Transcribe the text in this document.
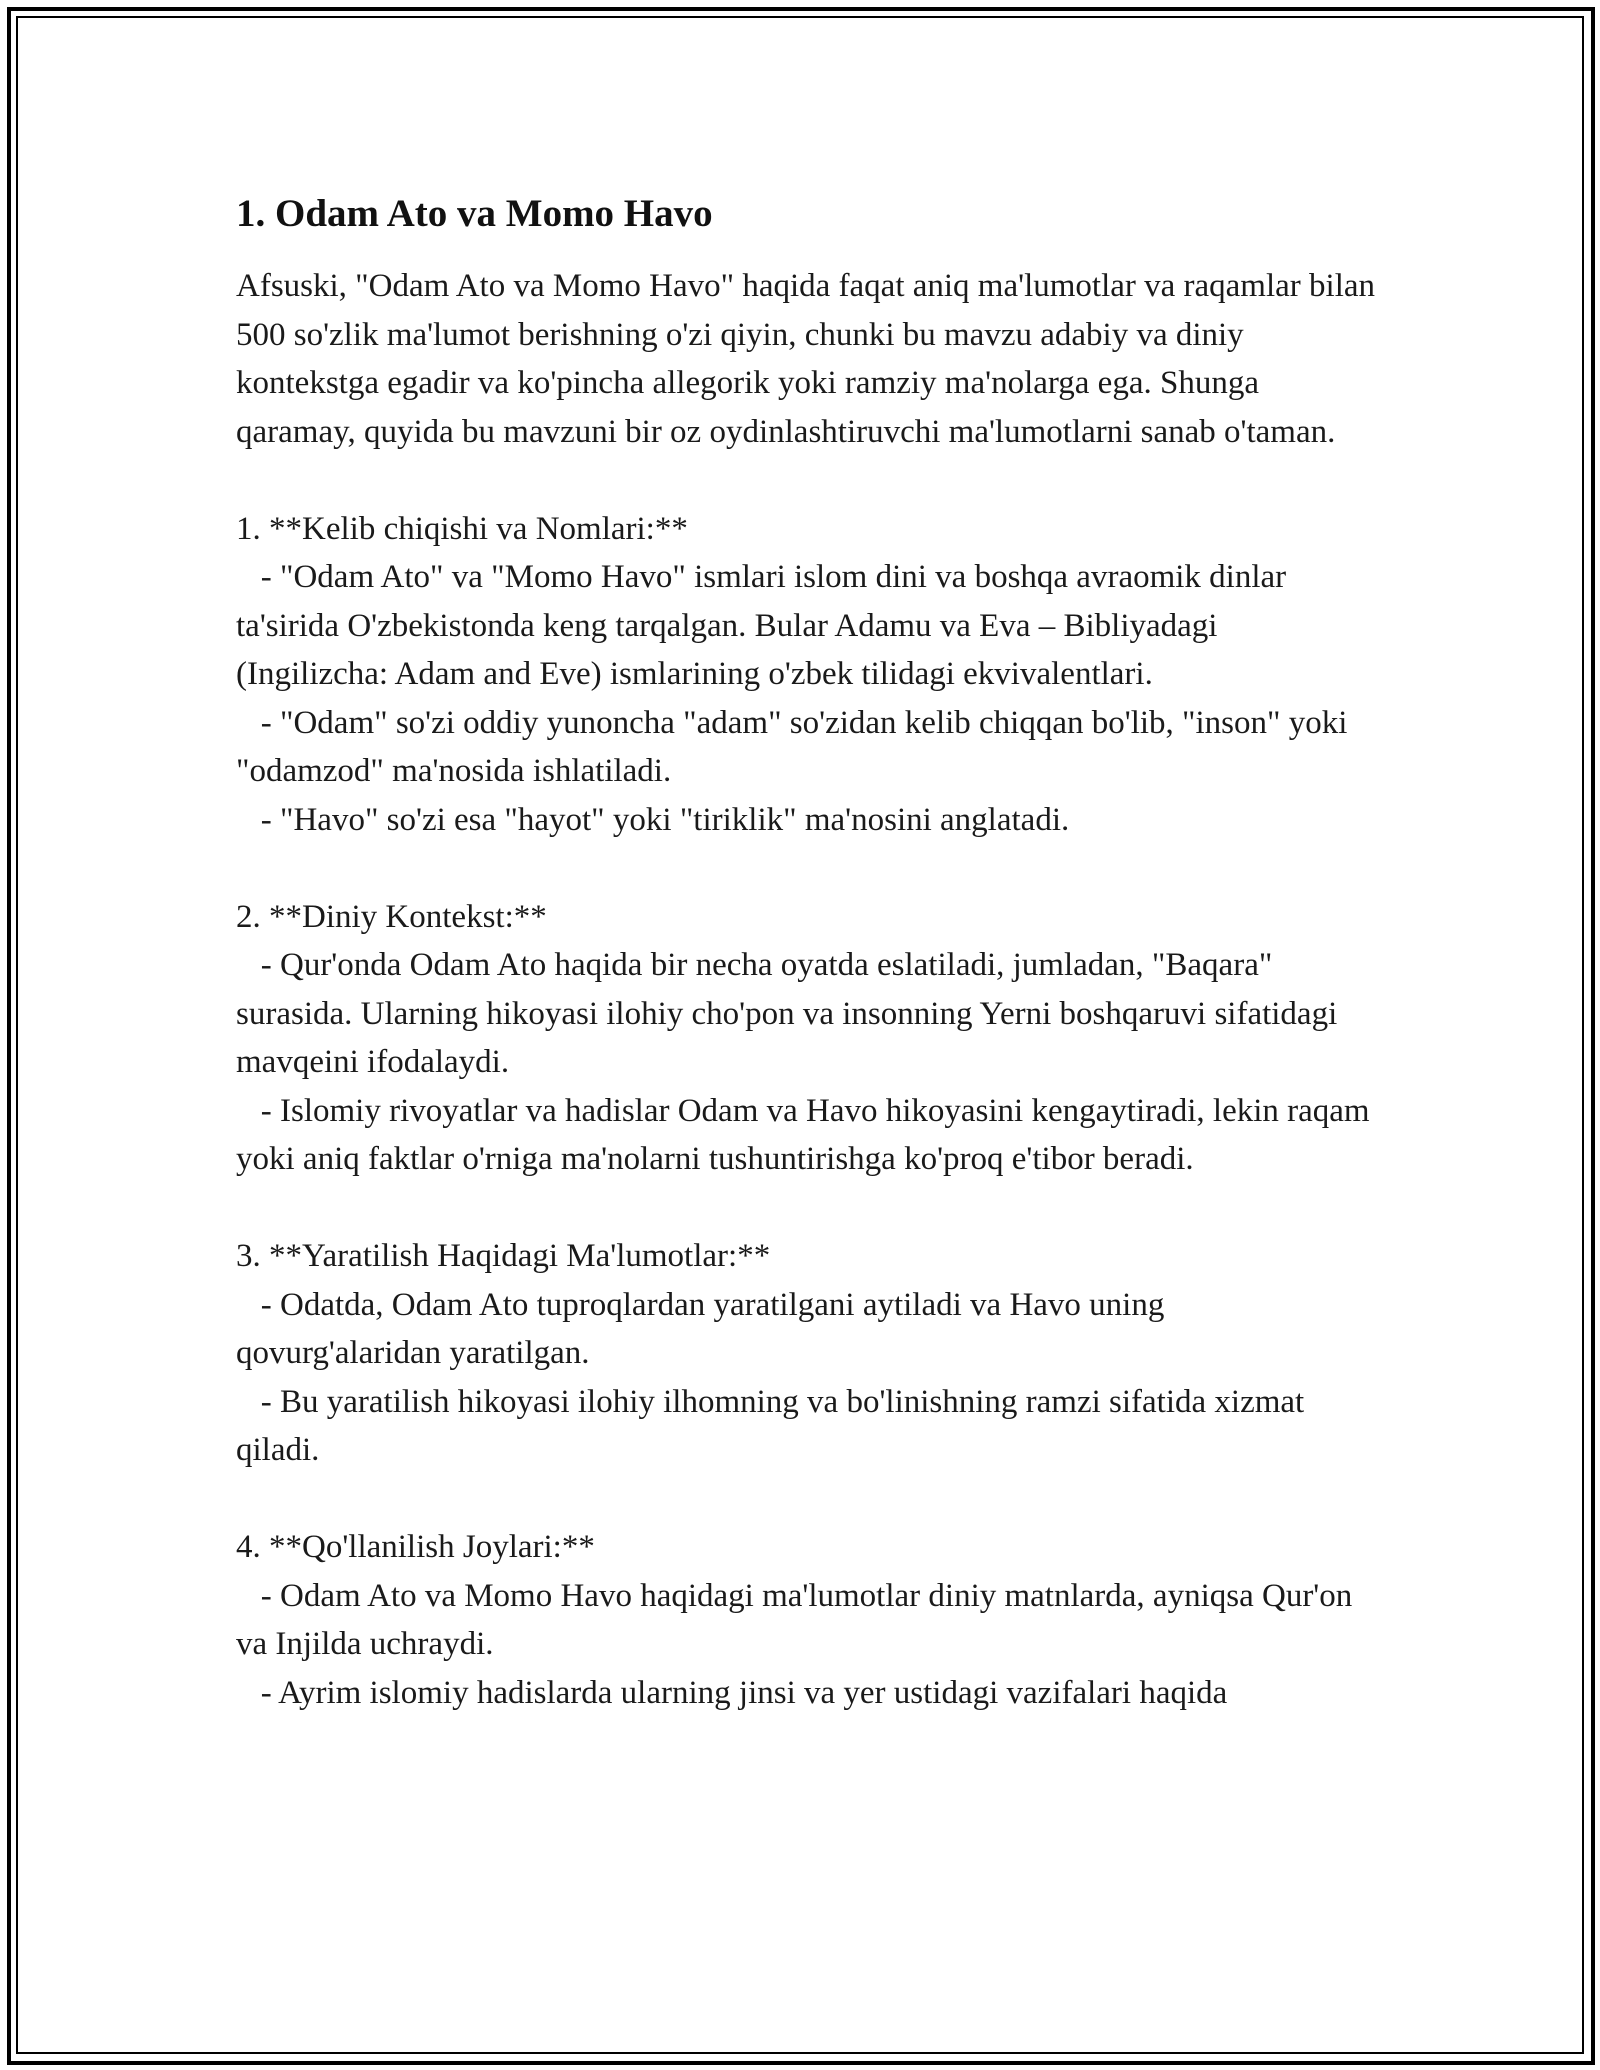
1. Odam Ato va Momo Havo

Afsuski, "Odam Ato va Momo Havo" haqida faqat aniq ma'lumotlar va raqamlar bilan 500 so'zlik ma'lumot berishning o'zi qiyin, chunki bu mavzu adabiy va diniy kontekstga egadir va ko'pincha allegorik yoki ramziy ma'nolarga ega. Shunga qaramay, quyida bu mavzuni bir oz oydinlashtiruvchi ma'lumotlarni sanab o'taman.

1. **Kelib chiqishi va Nomlari:**

- "Odam Ato" va "Momo Havo" ismlari islom dini va boshqa avraomik dinlar ta'sirida O'zbekistonda keng tarqalgan. Bular Adamu va Eva – Bibliyadagi (Ingilizcha: Adam and Eve) ismlarining o'zbek tilidagi ekvivalentlari.

- "Odam" so'zi oddiy yunoncha "adam" so'zidan kelib chiqqan bo'lib, "inson" yoki "odamzod" ma'nosida ishlatiladi.

- "Havo" so'zi esa "hayot" yoki "tiriklik" ma'nosini anglatadi.

2. **Diniy Kontekst:**

- Qur'onda Odam Ato haqida bir necha oyatda eslatiladi, jumladan, "Baqara" surasida. Ularning hikoyasi ilohiy cho'pon va insonning Yerni boshqaruvi sifatidagi mavqeini ifodalaydi.

- Islomiy rivoyatlar va hadislar Odam va Havo hikoyasini kengaytiradi, lekin raqam yoki aniq faktlar o'rniga ma'nolarni tushuntirishga ko'proq e'tibor beradi.

3. **Yaratilish Haqidagi Ma'lumotlar:**

- Odatda, Odam Ato tuproqlardan yaratilgani aytiladi va Havo uning qovurg'alaridan yaratilgan.

- Bu yaratilish hikoyasi ilohiy ilhomning va bo'linishning ramzi sifatida xizmat qiladi.

4. **Qo'llanilish Joylari:**

- Odam Ato va Momo Havo haqidagi ma'lumotlar diniy matnlarda, ayniqsa Qur'on va Injilda uchraydi.

- Ayrim islomiy hadislarda ularning jinsi va yer ustidagi vazifalari haqida
